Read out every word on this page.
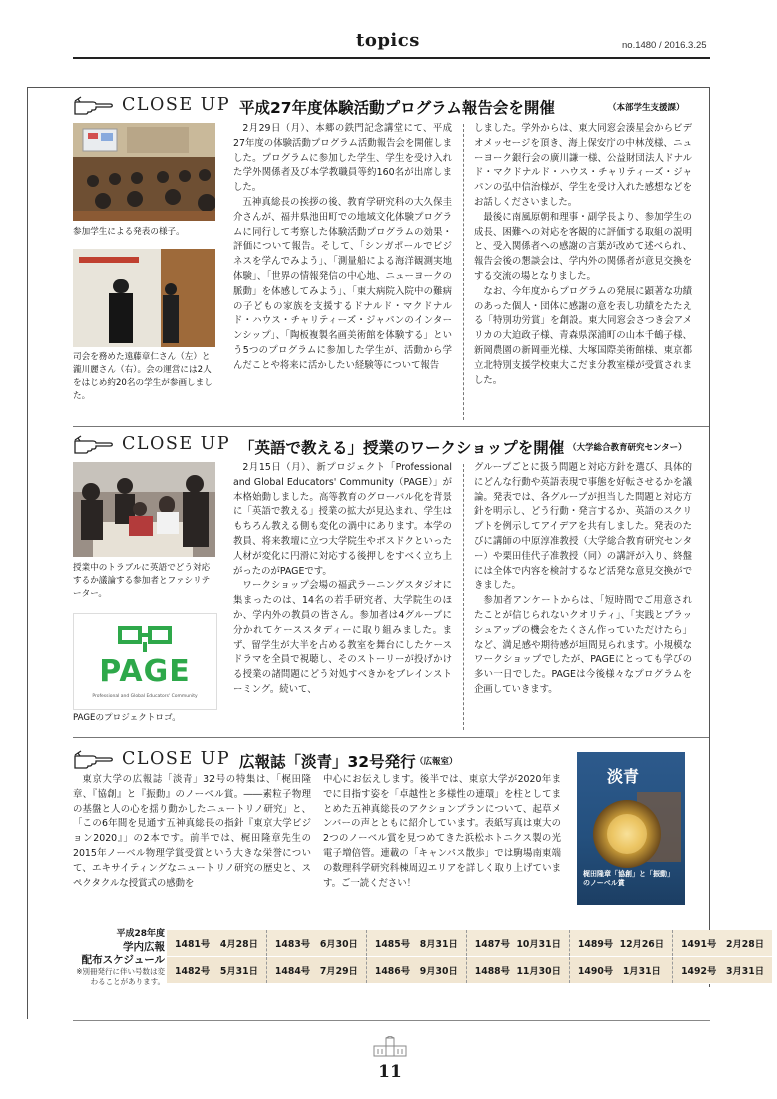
topics	no.1480 / 2016.3.25
CLOSE UP 平成27年度体験活動プログラム報告会を開催	（本部学生支援課）
参加学生による発表の様子。
司会を務めた遠藤章仁さん（左）と瀧川麗さん（右）。会の運営には2人をはじめ約20名の学生が参画しました。

2月29日（月）、本郷の鉄門記念講堂にて、平成27年度の体験活動プログラム活動報告会を開催しました。プログラムに参加した学生、学生を受け入れた学外関係者及び本学教職員等約160名が出席しました。

五神真総長の挨拶の後、教育学研究科の大久保圭介さんが、福井県池田町での地域文化体験プログラムに同行して考察した体験活動プログラムの効果・評価について報告。そして、「シンガポールでビジネスを学んでみよう」、「測量船による海洋観測実地体験」、「世界の情報発信の中心地、ニューヨークの脈動」を体感してみよう」、「東大病院入院中の難病の子どもの家族を支援するドナルド・マクドナルド・ハウス・チャリティーズ・ジャパンのインターンシップ」、「陶板複製名画美術館を体験する」という5つのプログラムに参加した学生が、活動から学んだことや将来に活かしたい経験等について報告

しました。学外からは、東大同窓会湊星会からビデオメッセージを頂き、海上保安庁の中林茂様、ニューヨーク銀行会の廣川謙一様、公益財団法人ドナルド・マクドナルド・ハウス・チャリティーズ・ジャパンの弘中信治様が、学生を受け入れた感想などをお話しくださいました。

最後に南風原朝和理事・副学長より、参加学生の成長、困難への対応を客観的に評価する取組の説明と、受入関係者への感謝の言葉が改めて述べられ、報告会後の懇談会は、学内外の関係者が意見交換をする交流の場となりました。

なお、今年度からプログラムの発展に顕著な功績のあった個人・団体に感謝の意を表し功績をたたえる「特別功労賞」を創設。東大同窓会さつき会アメリカの大迫政子様、青森県深浦町の山本千鶴子様、新岡農園の新岡亜光様、大塚国際美術館様、東京都立北特別支援学校東大こだま分教室様が受賞されました。

CLOSE UP 「英語で教える」授業のワークショップを開催 （大学総合教育研究センター）
授業中のトラブルに英語でどう対応するか議論する参加者とファシリテーター。
PAGE
Professional and Global Educators' Community
PAGEのプロジェクトロゴ。

2月15日（月）、新プロジェクト「Professional and Global Educators' Community（PAGE）」が本格始動しました。高等教育のグローバル化を背景に「英語で教える」授業の拡大が見込まれ、学生はもちろん教える側も変化の渦中にあります。本学の教員、将来教壇に立つ大学院生やポスドクといった人材が変化に円滑に対応する後押しをすべく立ち上がったのがPAGEです。

ワークショップ会場の福武ラーニングスタジオに集まったのは、14名の若手研究者、大学院生のほか、学内外の教員の皆さん。参加者は4グループに分かれてケーススタディーに取り組みました。まず、留学生が大半を占める教室を舞台にしたケースドラマを全員で視聴し、そのストーリーが投げかける授業の諸問題にどう対処すべきかをブレインストーミング。続いて、

グループごとに扱う問題と対応方針を選び、具体的にどんな行動や英語表現で事態を好転させるかを議論。発表では、各グループが担当した問題と対応方針を明示し、どう行動・発言するか、英語のスクリプトを例示してアイデアを共有しました。発表のたびに講師の中原淳准教授（大学総合教育研究センター）や栗田佳代子准教授（同）の講評が入り、終盤には全体で内容を検討するなど活発な意見交換ができました。

参加者アンケートからは、「短時間でご用意されたことが信じられないクオリティ」、「実践とブラッシュアップの機会をたくさん作っていただけたら」など、満足感や期待感が垣間見られます。小規模なワークショップでしたが、PAGEにとっても学びの多い一日でした。PAGEは今後様々なプログラムを企画していきます。

CLOSE UP 広報誌「淡青」32号発行 （広報室）

東京大学の広報誌「淡青」32号の特集は、「梶田隆章、『協創』と『振動』のノーベル賞。――素粒子物理の基盤と人の心を揺り動かしたニュートリノ研究」と、「この6年間を見通す五神真総長の指針『東京大学ビジョン2020』」の2本です。前半では、梶田隆章先生の2015年ノーベル物理学賞受賞という大きな栄誉について、エキサイティングなニュートリノ研究の歴史と、スペクタクルな授賞式の感動を

中心にお伝えします。後半では、東京大学が2020年までに目指す姿を「卓越性と多様性の連環」を柱としてまとめた五神真総長のアクションプランについて、起草メンバーの声とともに紹介しています。表紙写真は東大の2つのノーベル賞を見つめてきた浜松ホトニクス製の光電子増倍管。連載の「キャンパス散歩」では駒場南東端の数理科学研究科棟周辺エリアを詳しく取り上げています。ご一読ください！

淡青
梶田隆章「協創」と「振動」のノーベル賞
平成28年度
学内広報
配布スケジュール
※別冊発行に伴い号数は変わることがあります。
1481号 4月28日	1483号 6月30日	1485号 8月31日	1487号 10月31日	1489号 12月26日	1491号 2月28日
1482号 5月31日	1484号 7月29日	1486号 9月30日	1488号 11月30日	1490号 1月31日	1492号 3月31日
11
